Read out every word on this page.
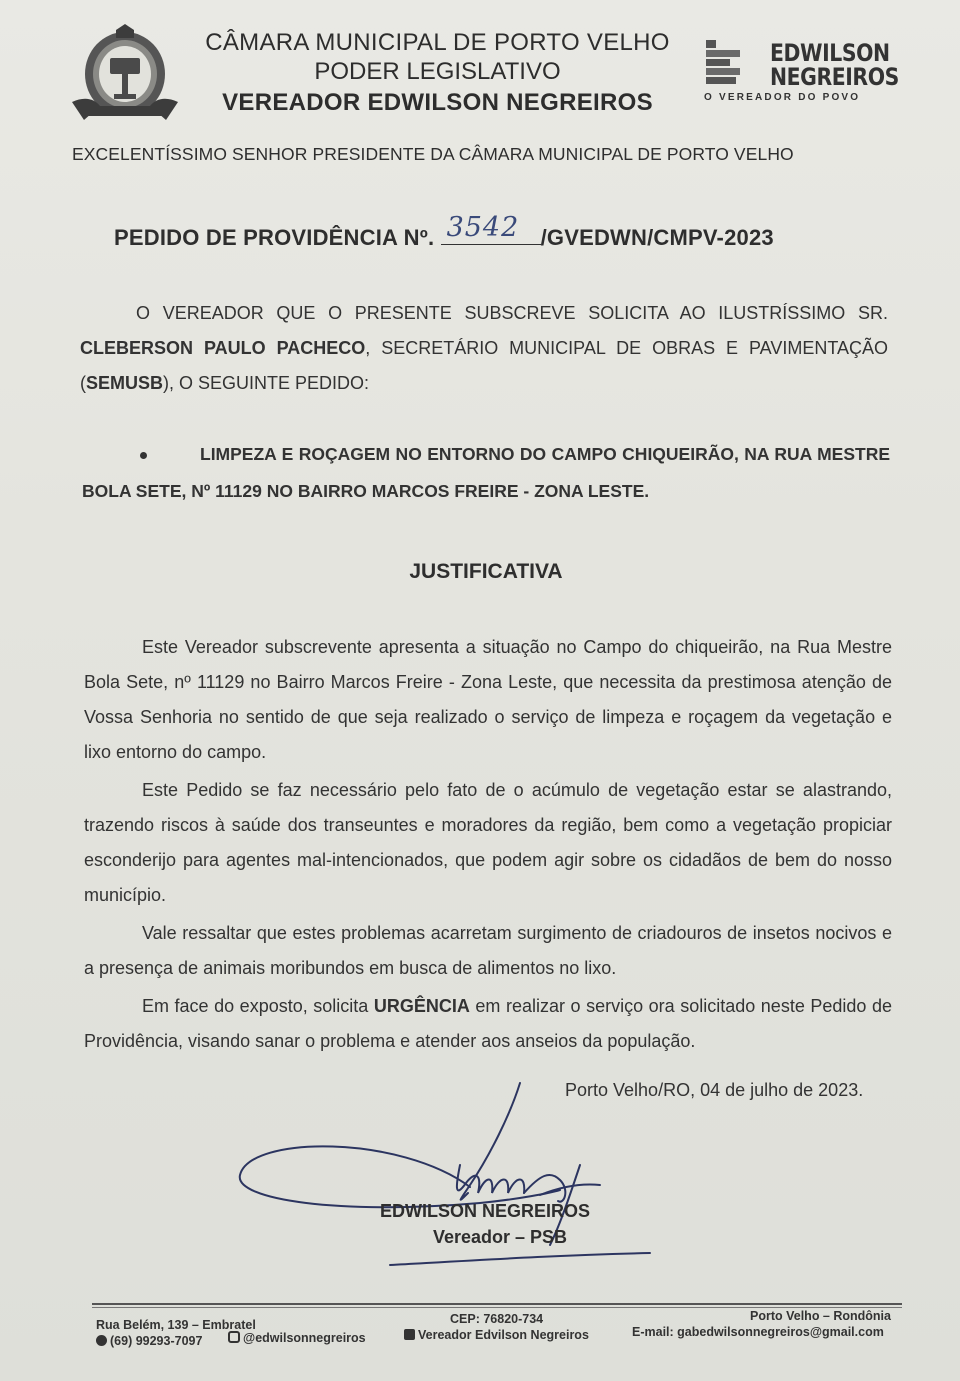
CÂMARA MUNICIPAL DE PORTO VELHO
PODER LEGISLATIVO
VEREADOR EDWILSON NEGREIROS
EDWILSON
NEGREIROS
O VEREADOR DO POVO
EXCELENTÍSSIMO SENHOR PRESIDENTE DA CÂMARA MUNICIPAL DE PORTO VELHO
PEDIDO DE PROVIDÊNCIA Nº. 3542 /GVEDWN/CMPV-2023
O VEREADOR QUE O PRESENTE SUBSCREVE SOLICITA AO ILUSTRÍSSIMO SR. CLEBERSON PAULO PACHECO, SECRETÁRIO MUNICIPAL DE OBRAS E PAVIMENTAÇÃO (SEMUSB), O SEGUINTE PEDIDO:
LIMPEZA E ROÇAGEM NO ENTORNO DO CAMPO CHIQUEIRÃO, NA RUA MESTRE BOLA SETE, Nº 11129 NO BAIRRO MARCOS FREIRE - ZONA LESTE.
JUSTIFICATIVA

Este Vereador subscrevente apresenta a situação no Campo do chiqueirão, na Rua Mestre Bola Sete, nº 11129 no Bairro Marcos Freire - Zona Leste, que necessita da prestimosa atenção de Vossa Senhoria no sentido de que seja realizado o serviço de limpeza e roçagem da vegetação e lixo entorno do campo.

Este Pedido se faz necessário pelo fato de o acúmulo de vegetação estar se alastrando, trazendo riscos à saúde dos transeuntes e moradores da região, bem como a vegetação propiciar esconderijo para agentes mal-intencionados, que podem agir sobre os cidadãos de bem do nosso município.

Vale ressaltar que estes problemas acarretam surgimento de criadouros de insetos nocivos e a presença de animais moribundos em busca de alimentos no lixo.

Em face do exposto, solicita URGÊNCIA em realizar o serviço ora solicitado neste Pedido de Providência, visando sanar o problema e atender aos anseios da população.

Porto Velho/RO, 04 de julho de 2023.
EDWILSON NEGREIROS
Vereador – PSB
Rua Belém, 139 – Embratel
(69) 99293-7097	@edwilsonnegreiros
CEP: 76820-734
Vereador Edvilson Negreiros
Porto Velho – Rondônia
E-mail: gabedwilsonnegreiros@gmail.com
